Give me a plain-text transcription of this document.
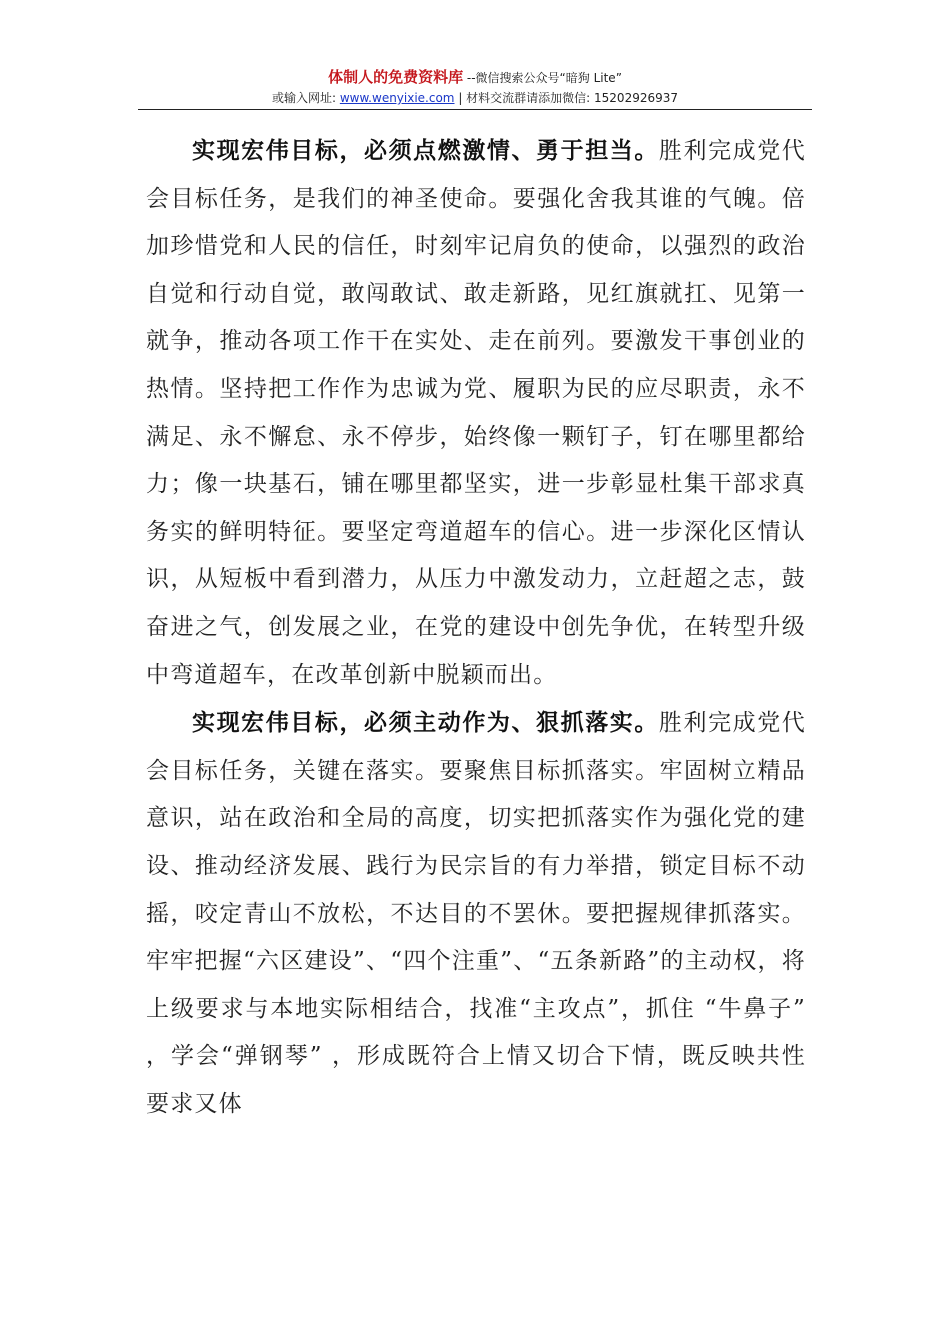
体制人的免费资料库 --微信搜索公众号“暗狗 Lite”
或输入网址: www.wenyixie.com | 材料交流群请添加微信: 15202926937

实现宏伟目标，必须点燃激情、勇于担当。胜利完成党代会目标任务，是我们的神圣使命。要强化舍我其谁的气魄。倍加珍惜党和人民的信任，时刻牢记肩负的使命，以强烈的政治自觉和行动自觉，敢闯敢试、敢走新路，见红旗就扛、见第一就争，推动各项工作干在实处、走在前列。要激发干事创业的热情。坚持把工作作为忠诚为党、履职为民的应尽职责，永不满足、永不懈怠、永不停步，始终像一颗钉子，钉在哪里都给力；像一块基石，铺在哪里都坚实，进一步彰显杜集干部求真务实的鲜明特征。要坚定弯道超车的信心。进一步深化区情认识，从短板中看到潜力，从压力中激发动力，立赶超之志，鼓奋进之气，创发展之业，在党的建设中创先争优，在转型升级中弯道超车，在改革创新中脱颖而出。

实现宏伟目标，必须主动作为、狠抓落实。胜利完成党代会目标任务，关键在落实。要聚焦目标抓落实。牢固树立精品意识，站在政治和全局的高度，切实把抓落实作为强化党的建设、推动经济发展、践行为民宗旨的有力举措，锁定目标不动摇，咬定青山不放松，不达目的不罢休。要把握规律抓落实。牢牢把握“六区建设”、“四个注重”、“五条新路”的主动权，将上级要求与本地实际相结合，找准“主攻点”，抓住 “牛鼻子” ，学会“弹钢琴” ，形成既符合上情又切合下情，既反映共性要求又体
